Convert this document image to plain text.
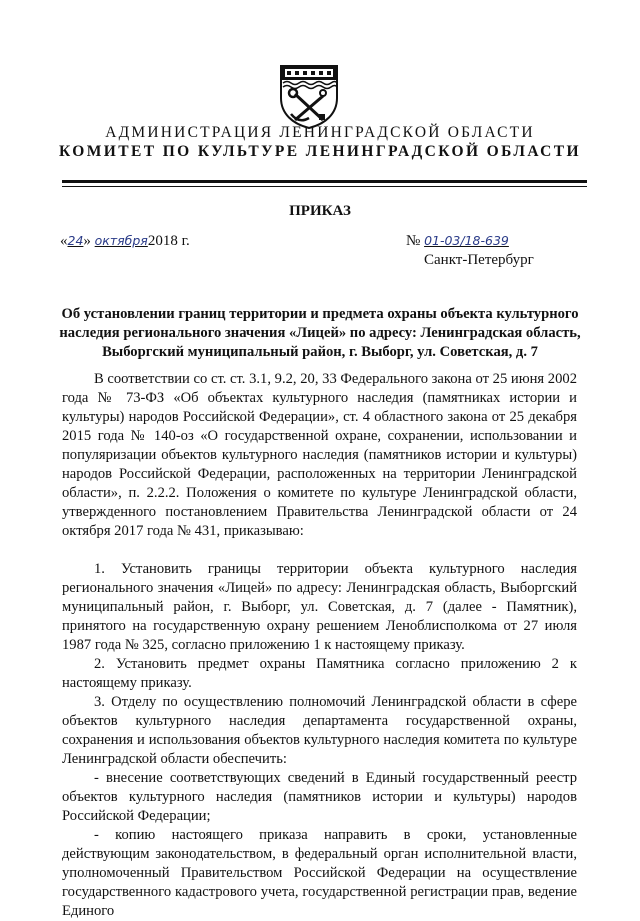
АДМИНИСТРАЦИЯ ЛЕНИНГРАДСКОЙ ОБЛАСТИ
КОМИТЕТ ПО КУЛЬТУРЕ ЛЕНИНГРАДСКОЙ ОБЛАСТИ
ПРИКАЗ
«24» октября2018 г.	№ 01-03/18-639
Санкт-Петербург
Об установлении границ территории и предмета охраны объекта культурного наследия регионального значения «Лицей» по адресу: Ленинградская область, Выборгский муниципальный район, г. Выборг, ул. Советская, д. 7

В соответствии со ст. ст. 3.1, 9.2, 20, 33 Федерального закона от 25 июня 2002 года № 73-ФЗ «Об объектах культурного наследия (памятниках истории и культуры) народов Российской Федерации», ст. 4 областного закона от 25 декабря 2015 года № 140-оз «О государственной охране, сохранении, использовании и популяризации объектов культурного наследия (памятников истории и культуры) народов Российской Федерации, расположенных на территории Ленинградской области», п. 2.2.2. Положения о комитете по культуре Ленинградской области, утвержденного постановлением Правительства Ленинградской области от 24 октября 2017 года № 431, приказываю:

1. Установить границы территории объекта культурного наследия регионального значения «Лицей» по адресу: Ленинградская область, Выборгский муниципальный район, г. Выборг, ул. Советская, д. 7 (далее - Памятник), принятого на государственную охрану решением Леноблисполкома от 27 июля 1987 года № 325, согласно приложению 1 к настоящему приказу.

2. Установить предмет охраны Памятника согласно приложению 2 к настоящему приказу.

3. Отделу по осуществлению полномочий Ленинградской области в сфере объектов культурного наследия департамента государственной охраны, сохранения и использования объектов культурного наследия комитета по культуре Ленинградской области обеспечить:

- внесение соответствующих сведений в Единый государственный реестр объектов культурного наследия (памятников истории и культуры) народов Российской Федерации;

- копию настоящего приказа направить в сроки, установленные действующим законодательством, в федеральный орган исполнительной власти, уполномоченный Правительством Российской Федерации на осуществление государственного кадастрового учета, государственной регистрации прав, ведение Единого
